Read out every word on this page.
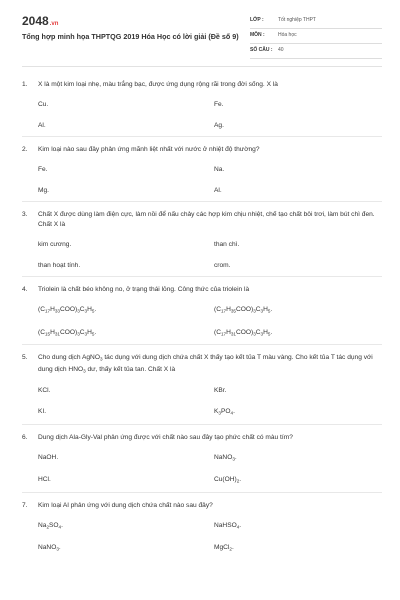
2048.vn
Tổng hợp minh họa THPTQG 2019 Hóa Học có lời giải (Đề số 9)
LỚP :	Tốt nghiệp THPT
MÔN :	Hóa học
SỐ CÂU : 40
1. X là một kim loại nhẹ, màu trắng bạc, được ứng dụng rộng rãi trong đời sống. X là
Cu.	Fe.
Al.	Ag.
2. Kim loại nào sau đây phản ứng mãnh liệt nhất với nước ở nhiệt độ thường?
Fe.	Na.
Mg.	Al.
3. Chất X được dùng làm điện cực, làm nồi để nấu chảy các hợp kim chịu nhiệt, chế tạo chất bôi trơi, làm bút chì đen. Chất X là
kim cương.	than chì.
than hoạt tính.	crom.
4. Triolein là chất béo không no, ở trạng thái lỏng. Công thức của triolein là
$(C_{17}H_{33}COO)_3C_3H_5$.	$(C_{17}H_{35}COO)_3C_3H_5$.
$(C_{15}H_{31}COO)_3C_3H_5$.	$(C_{17}H_{31}COO)_3C_3H_5$.
5. Cho dung dịch AgNO$_3$ tác dụng với dung dịch chứa chất X thấy tạo kết tủa T màu vàng. Cho kết tủa T tác dụng với dung dịch $HNO_3$ dư, thấy kết tủa tan. Chất X là
KCl.	KBr.
KI.	$K_3PO_4$.
6. Dung dịch Ala-Gly-Val phản ứng được với chất nào sau đây tạo phức chất có màu tím?
NaOH.	NaNO$_3$.
HCl.	$Cu(OH)_2$.
7. Kim loại Al phản ứng với dung dịch chứa chất nào sau đây?
$Na_2SO_4$.	NaHSO$_4$.
NaNO$_3$.	MgCl$_2$.
